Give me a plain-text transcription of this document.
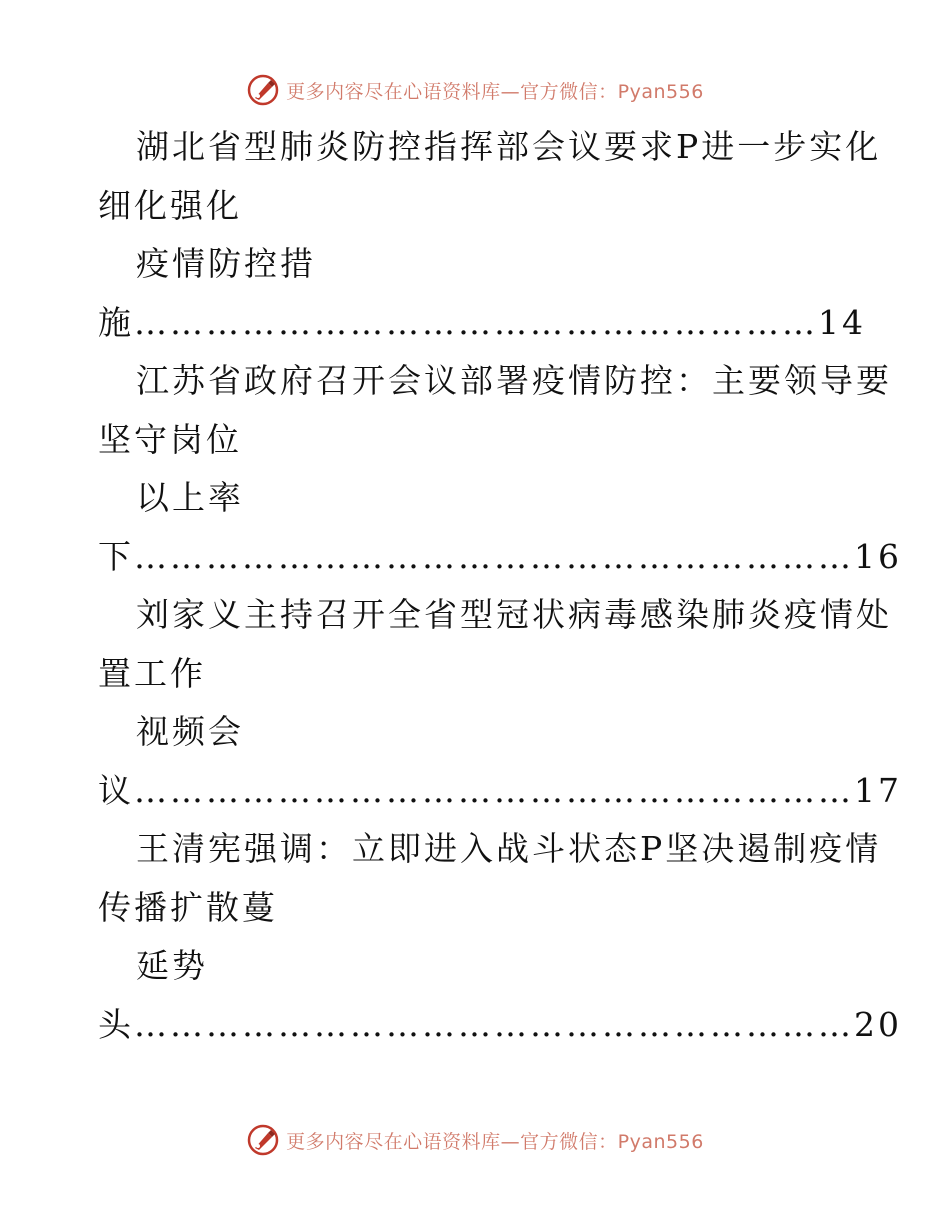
更多内容尽在心语资料库—官方微信：Pyan556
湖北省型肺炎防控指挥部会议要求P进一步实化
细化强化
疫情防控措
施…………………………………………………14
江苏省政府召开会议部署疫情防控：主要领导要
坚守岗位
以上率
下……………………………………………………16
刘家义主持召开全省型冠状病毒感染肺炎疫情处
置工作
视频会
议……………………………………………………17
王清宪强调：立即进入战斗状态P坚决遏制疫情
传播扩散蔓
延势
头……………………………………………………20
更多内容尽在心语资料库—官方微信：Pyan556
